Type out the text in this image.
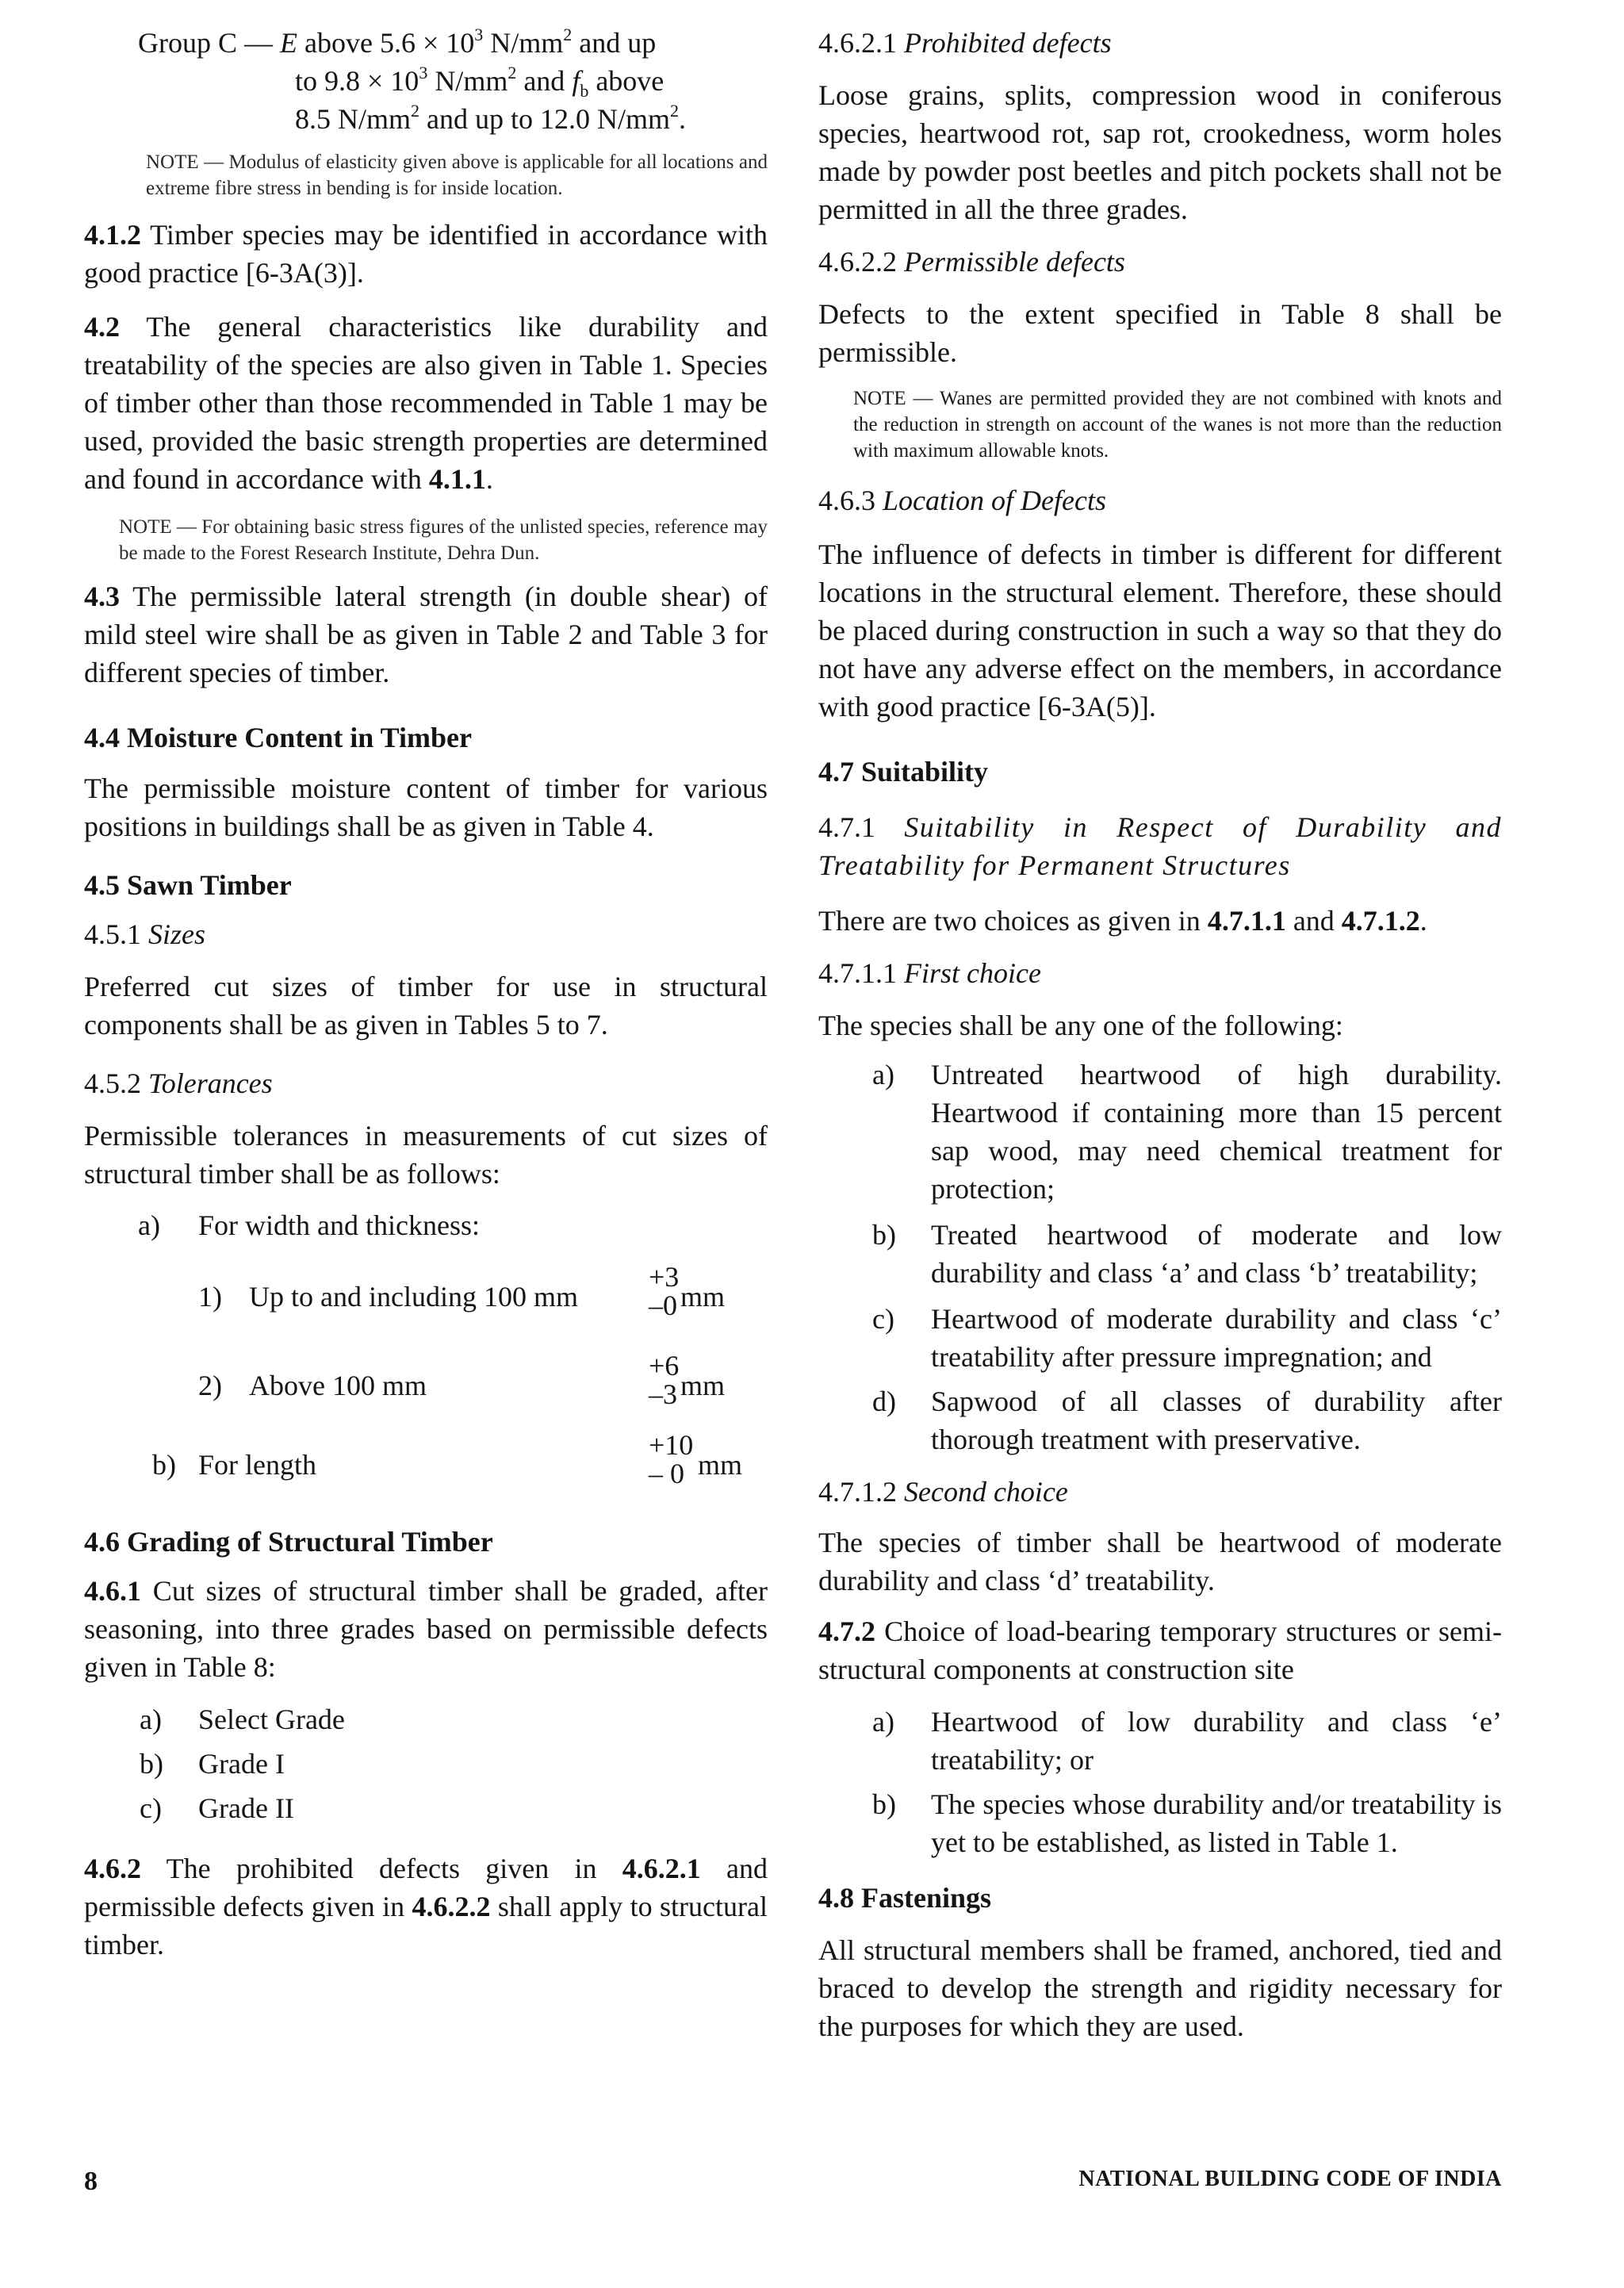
Group C — E above $5.6 \times 10^3$ $N/mm^2$ and up
to $9.8 \times 10^3$ $N/mm^2$ and $f_b$ above
8.5 $N/mm^2$ and up to 12.0 $N/mm^2$.

NOTE — Modulus of elasticity given above is applicable for all locations and extreme fibre stress in bending is for inside location.

4.1.2 Timber species may be identified in accordance with good practice [6-3A(3)].

4.2 The general characteristics like durability and treatability of the species are also given in Table 1. Species of timber other than those recommended in Table 1 may be used, provided the basic strength properties are determined and found in accordance with 4.1.1.

NOTE — For obtaining basic stress figures of the unlisted species, reference may be made to the Forest Research Institute, Dehra Dun.

4.3 The permissible lateral strength (in double shear) of mild steel wire shall be as given in Table 2 and Table 3 for different species of timber.

4.4 Moisture Content in Timber

The permissible moisture content of timber for various positions in buildings shall be as given in Table 4.

4.5 Sawn Timber

4.5.1 Sizes

Preferred cut sizes of timber for use in structural components shall be as given in Tables 5 to 7.

4.5.2 Tolerances

Permissible tolerances in measurements of cut sizes of structural timber shall be as follows:

a) For width and thickness:
1) Up to and including 100 mm
+3
–0 mm
2) Above 100 mm
+6
–3 mm
b) For length
+10
– 0 mm

4.6 Grading of Structural Timber

4.6.1 Cut sizes of structural timber shall be graded, after seasoning, into three grades based on permissible defects given in Table 8:

a) Select Grade
b) Grade I
c) Grade II

4.6.2 The prohibited defects given in 4.6.2.1 and permissible defects given in 4.6.2.2 shall apply to structural timber.

4.6.2.1 Prohibited defects

Loose grains, splits, compression wood in coniferous species, heartwood rot, sap rot, crookedness, worm holes made by powder post beetles and pitch pockets shall not be permitted in all the three grades.

4.6.2.2 Permissible defects

Defects to the extent specified in Table 8 shall be permissible.

NOTE — Wanes are permitted provided they are not combined with knots and the reduction in strength on account of the wanes is not more than the reduction with maximum allowable knots.

4.6.3 Location of Defects

The influence of defects in timber is different for different locations in the structural element. Therefore, these should be placed during construction in such a way so that they do not have any adverse effect on the members, in accordance with good practice [6-3A(5)].

4.7 Suitability

4.7.1 Suitability in Respect of Durability and Treatability for Permanent Structures

There are two choices as given in 4.7.1.1 and 4.7.1.2.

4.7.1.1 First choice

The species shall be any one of the following:

a) Untreated heartwood of high durability. Heartwood if containing more than 15 percent sap wood, may need chemical treatment for protection;
b) Treated heartwood of moderate and low durability and class ‘a’ and class ‘b’ treatability;
c) Heartwood of moderate durability and class ‘c’ treatability after pressure impregnation; and
d) Sapwood of all classes of durability after thorough treatment with preservative.

4.7.1.2 Second choice

The species of timber shall be heartwood of moderate durability and class ‘d’ treatability.

4.7.2 Choice of load-bearing temporary structures or semi-structural components at construction site

a) Heartwood of low durability and class ‘e’ treatability; or
b) The species whose durability and/or treatability is yet to be established, as listed in Table 1.

4.8 Fastenings

All structural members shall be framed, anchored, tied and braced to develop the strength and rigidity necessary for the purposes for which they are used.

8	NATIONAL BUILDING CODE OF INDIA
